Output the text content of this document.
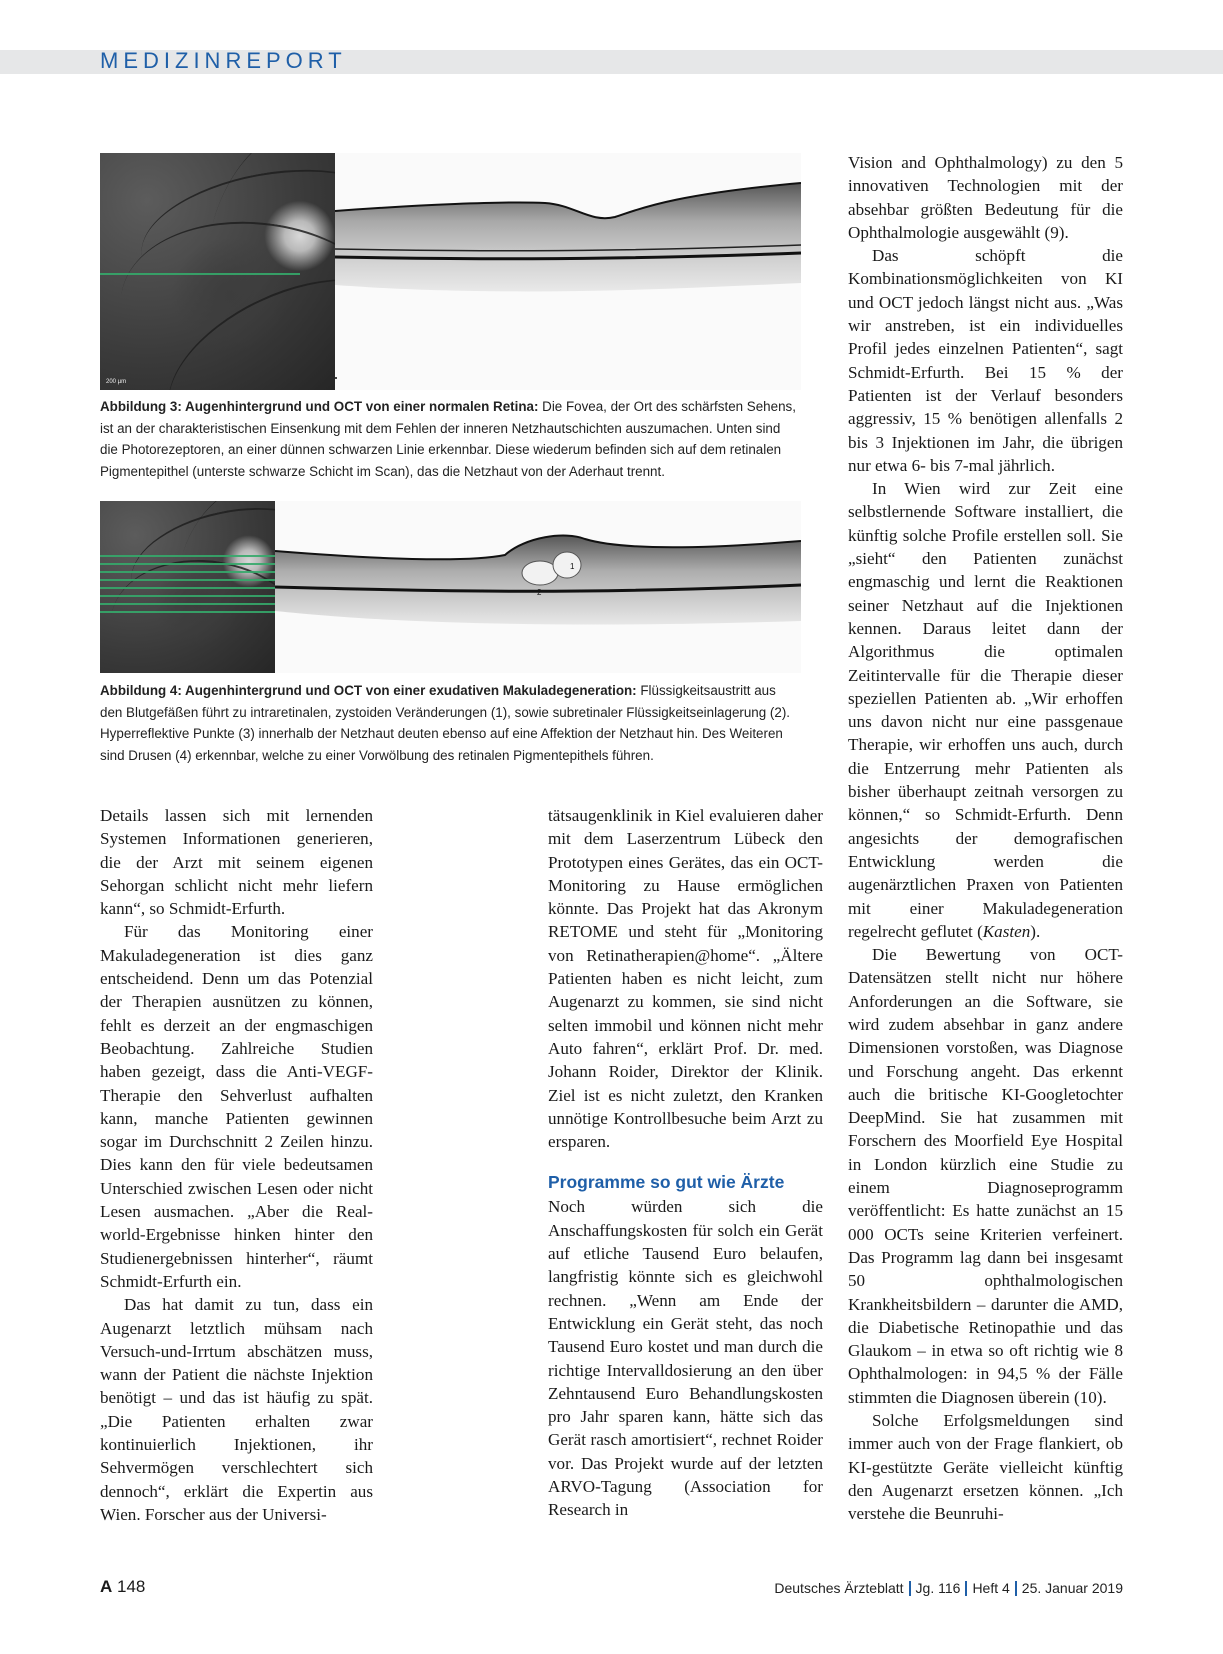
MEDIZINREPORT
200 µm
Abbildung 3: Augenhintergrund und OCT von einer normalen Retina: Die Fovea, der Ort des schärfsten Sehens, ist an der charakteristischen Einsenkung mit dem Fehlen der inneren Netzhautschichten auszumachen. Unten sind die Photorezeptoren, an einer dünnen schwarzen Linie erkennbar. Diese wiederum befinden sich auf dem retinalen Pigmentepithel (unterste schwarze Schicht im Scan), das die Netzhaut von der Aderhaut trennt.
1
2
Abbildung 4: Augenhintergrund und OCT von einer exudativen Makuladegeneration: Flüssigkeitsaustritt aus den Blutgefäßen führt zu intraretinalen, zystoiden Veränderungen (1), sowie subretinaler Flüssigkeitseinlagerung (2). Hyperreflektive Punkte (3) innerhalb der Netzhaut deuten ebenso auf eine Affektion der Netzhaut hin. Des Weiteren sind Drusen (4) erkennbar, welche zu einer Vorwölbung des retinalen Pigmentepithels führen.

Details lassen sich mit lernenden Systemen Informationen generieren, die der Arzt mit seinem eigenen Sehorgan schlicht nicht mehr liefern kann“, so Schmidt-Erfurth.

Für das Monitoring einer Makuladegeneration ist dies ganz entscheidend. Denn um das Potenzial der Therapien ausnützen zu können, fehlt es derzeit an der engmaschigen Beobachtung. Zahlreiche Studien haben gezeigt, dass die Anti-VEGF-Therapie den Sehverlust aufhalten kann, manche Patienten gewinnen sogar im Durchschnitt 2 Zeilen hinzu. Dies kann den für viele bedeutsamen Unterschied zwischen Lesen oder nicht Lesen ausmachen. „Aber die Real-world-Ergebnisse hinken hinter den Studienergebnissen hinterher“, räumt Schmidt-Erfurth ein.

Das hat damit zu tun, dass ein Augenarzt letztlich mühsam nach Versuch-und-Irrtum abschätzen muss, wann der Patient die nächste Injektion benötigt – und das ist häufig zu spät. „Die Patienten erhalten zwar kontinuierlich Injektionen, ihr Sehvermögen verschlechtert sich dennoch“, erklärt die Expertin aus Wien. Forscher aus der Universi-

tätsaugenklinik in Kiel evaluieren daher mit dem Laserzentrum Lübeck den Prototypen eines Gerätes, das ein OCT-Monitoring zu Hause ermöglichen könnte. Das Projekt hat das Akronym RETOME und steht für „Monitoring von Retinatherapien@home“. „Ältere Patienten haben es nicht leicht, zum Augenarzt zu kommen, sie sind nicht selten immobil und können nicht mehr Auto fahren“, erklärt Prof. Dr. med. Johann Roider, Direktor der Klinik. Ziel ist es nicht zuletzt, den Kranken unnötige Kontrollbesuche beim Arzt zu ersparen.

Programme so gut wie Ärzte

Noch würden sich die Anschaffungskosten für solch ein Gerät auf etliche Tausend Euro belaufen, langfristig könnte sich es gleichwohl rechnen. „Wenn am Ende der Entwicklung ein Gerät steht, das noch Tausend Euro kostet und man durch die richtige Intervalldosierung an den über Zehntausend Euro Behandlungskosten pro Jahr sparen kann, hätte sich das Gerät rasch amortisiert“, rechnet Roider vor. Das Projekt wurde auf der letzten ARVO-Tagung (Association for Research in

Vision and Ophthalmology) zu den 5 innovativen Technologien mit der absehbar größten Bedeutung für die Ophthalmologie ausgewählt (9).

Das schöpft die Kombinationsmöglichkeiten von KI und OCT jedoch längst nicht aus. „Was wir anstreben, ist ein individuelles Profil jedes einzelnen Patienten“, sagt Schmidt-Erfurth. Bei 15 % der Patienten ist der Verlauf besonders aggressiv, 15 % benötigen allenfalls 2 bis 3 Injektionen im Jahr, die übrigen nur etwa 6- bis 7-mal jährlich.

In Wien wird zur Zeit eine selbstlernende Software installiert, die künftig solche Profile erstellen soll. Sie „sieht“ den Patienten zunächst engmaschig und lernt die Reaktionen seiner Netzhaut auf die Injektionen kennen. Daraus leitet dann der Algorithmus die optimalen Zeitintervalle für die Therapie dieser speziellen Patienten ab. „Wir erhoffen uns davon nicht nur eine passgenaue Therapie, wir erhoffen uns auch, durch die Entzerrung mehr Patienten als bisher überhaupt zeitnah versorgen zu können,“ so Schmidt-Erfurth. Denn angesichts der demografischen Entwicklung werden die augenärztlichen Praxen von Patienten mit einer Makuladegeneration regelrecht geflutet (Kasten).

Die Bewertung von OCT-Datensätzen stellt nicht nur höhere Anforderungen an die Software, sie wird zudem absehbar in ganz andere Dimensionen vorstoßen, was Diagnose und Forschung angeht. Das erkennt auch die britische KI-Googletochter DeepMind. Sie hat zusammen mit Forschern des Moorfield Eye Hospital in London kürzlich eine Studie zu einem Diagnoseprogramm veröffentlicht: Es hatte zunächst an 15 000 OCTs seine Kriterien verfeinert. Das Programm lag dann bei insgesamt 50 ophthalmologischen Krankheitsbildern – darunter die AMD, die Diabetische Retinopathie und das Glaukom – in etwa so oft richtig wie 8 Ophthalmologen: in 94,5 % der Fälle stimmten die Diagnosen überein (10).

Solche Erfolgsmeldungen sind immer auch von der Frage flankiert, ob KI-gestützte Geräte vielleicht künftig den Augenarzt ersetzen können. „Ich verstehe die Beunruhi-

A 148	Deutsches Ärzteblatt Jg. 116 Heft 4 25. Januar 2019
